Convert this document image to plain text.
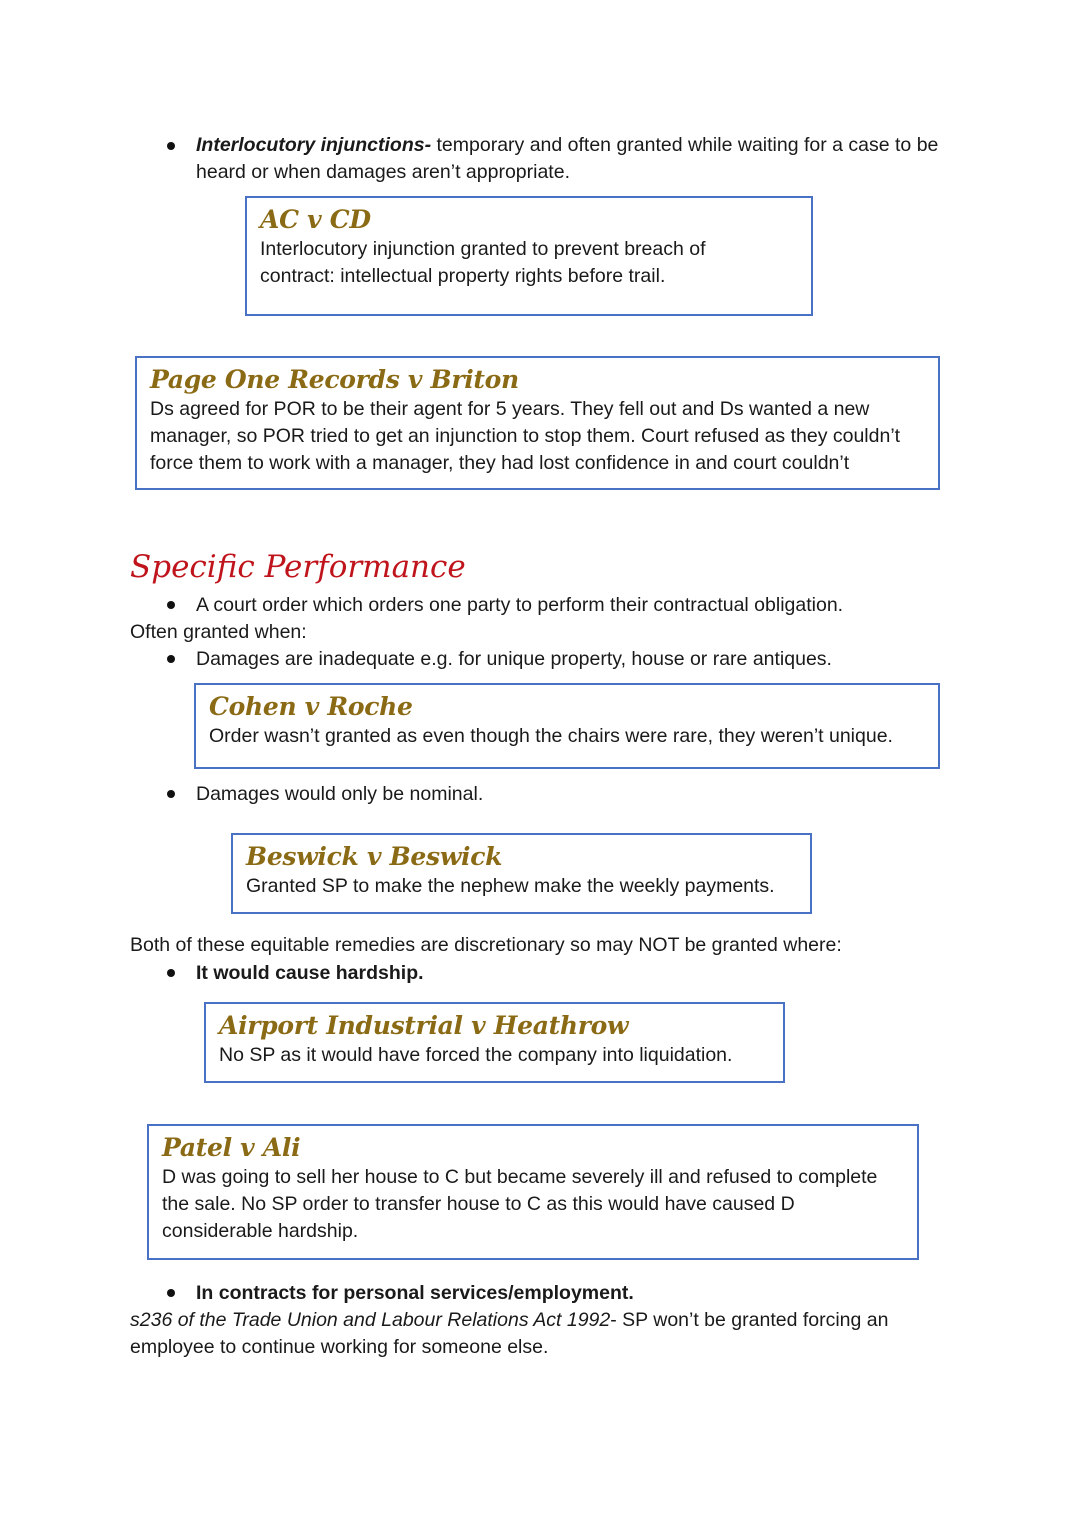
Interlocutory injunctions- temporary and often granted while waiting for a case to be heard or when damages aren’t appropriate.
AC v CD
Interlocutory injunction granted to prevent breach of contract: intellectual property rights before trail.
Page One Records v Briton
Ds agreed for POR to be their agent for 5 years. They fell out and Ds wanted a new manager, so POR tried to get an injunction to stop them. Court refused as they couldn’t force them to work with a manager, they had lost confidence in and court couldn’t
Specific Performance
A court order which orders one party to perform their contractual obligation.
Often granted when:
Damages are inadequate e.g. for unique property, house or rare antiques.
Cohen v Roche
Order wasn’t granted as even though the chairs were rare, they weren’t unique.
Damages would only be nominal.
Beswick v Beswick
Granted SP to make the nephew make the weekly payments.
Both of these equitable remedies are discretionary so may NOT be granted where:
It would cause hardship.
Airport Industrial v Heathrow
No SP as it would have forced the company into liquidation.
Patel v Ali
D was going to sell her house to C but became severely ill and refused to complete the sale. No SP order to transfer house to C as this would have caused D considerable hardship.
In contracts for personal services/employment.
s236 of the Trade Union and Labour Relations Act 1992- SP won’t be granted forcing an employee to continue working for someone else.
